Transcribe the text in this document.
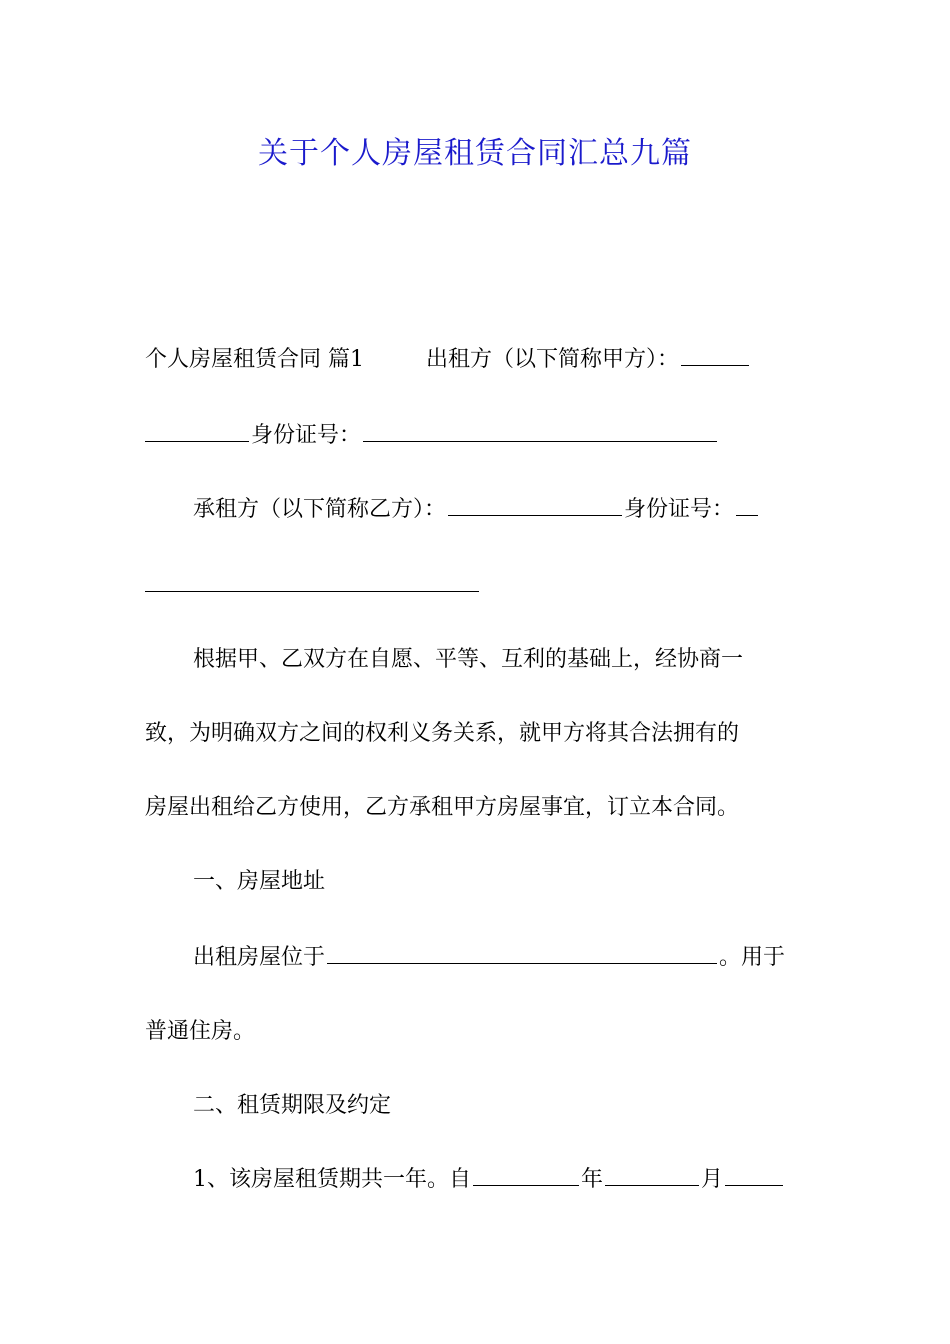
关于个人房屋租赁合同汇总九篇
个人房屋租赁合同 篇1	出租方（以下简称甲方）：
身份证号：
承租方（以下简称乙方）：	身份证号：
根据甲、乙双方在自愿、平等、互利的基础上，经协商一
致，为明确双方之间的权利义务关系，就甲方将其合法拥有的
房屋出租给乙方使用，乙方承租甲方房屋事宜，订立本合同。
一、房屋地址
出租房屋位于	。用于
普通住房。
二、租赁期限及约定
1、该房屋租赁期共一年。自	年	月
